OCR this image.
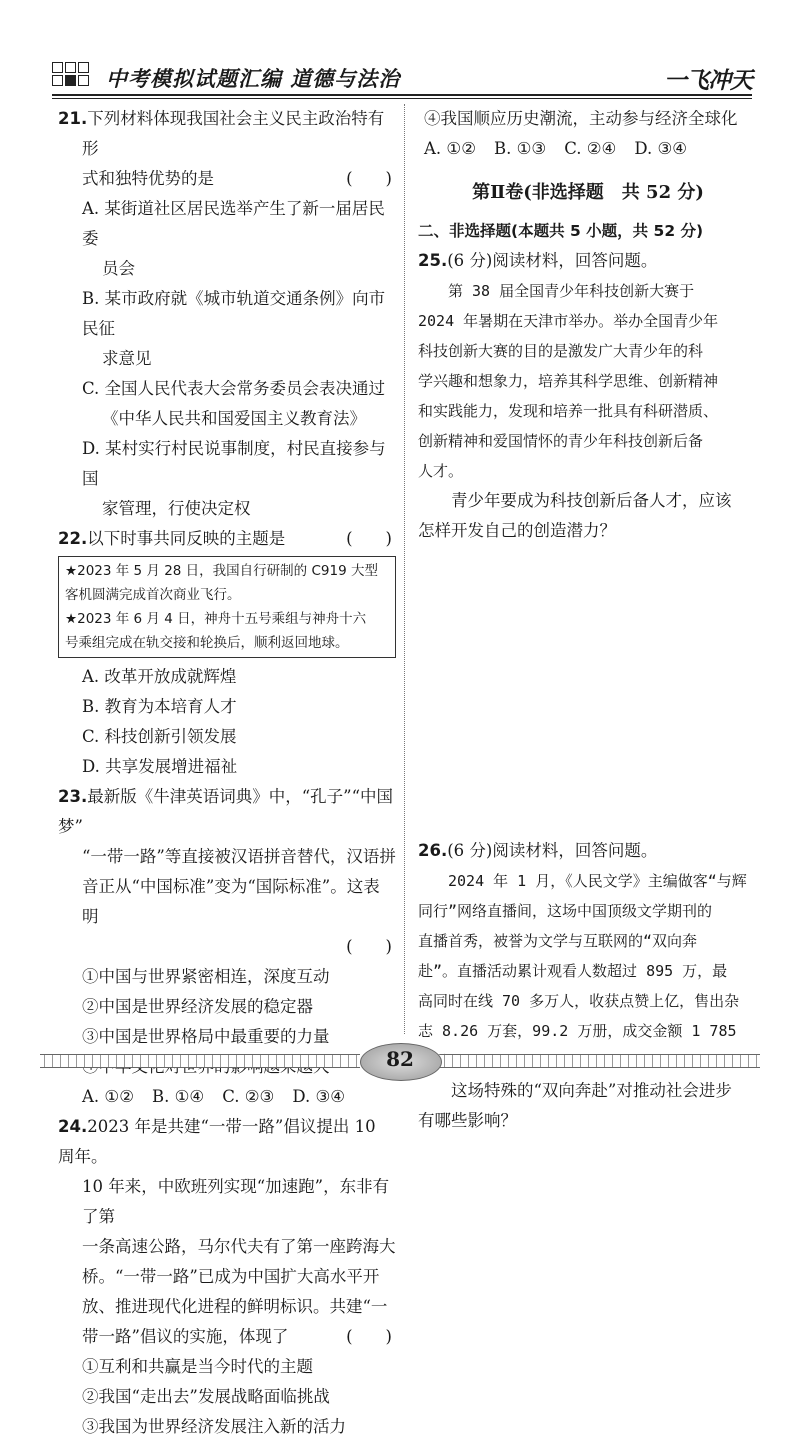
中考模拟试题汇编 道德与法治	一飞冲天
21.下列材料体现我国社会主义民主政治特有形
式和独特优势的是	(　　)
A. 某街道社区居民选举产生了新一届居民委
员会
B. 某市政府就《城市轨道交通条例》向市民征
求意见
C. 全国人民代表大会常务委员会表决通过
《中华人民共和国爱国主义教育法》
D. 某村实行村民说事制度，村民直接参与国
家管理，行使决定权
22.以下时事共同反映的主题是	(　　)
★2023 年 5 月 28 日，我国自行研制的 C919 大型
客机圆满完成首次商业飞行。
★2023 年 6 月 4 日，神舟十五号乘组与神舟十六
号乘组完成在轨交接和轮换后，顺利返回地球。
A. 改革开放成就辉煌
B. 教育为本培育人才
C. 科技创新引领发展
D. 共享发展增进福祉
23.最新版《牛津英语词典》中，“孔子”“中国梦”
“一带一路”等直接被汉语拼音替代，汉语拼
音正从“中国标准”变为“国际标准”。这表明
(　　)
①中国与世界紧密相连，深度互动
②中国是世界经济发展的稳定器
③中国是世界格局中最重要的力量
A. ①② B. ①④ C. ②③ D. ③④
24.2023 年是共建“一带一路”倡议提出 10 周年。
10 年来，中欧班列实现“加速跑”，东非有了第
一条高速公路，马尔代夫有了第一座跨海大
桥。“一带一路”已成为中国扩大高水平开
放、推进现代化进程的鲜明标识。共建“一
带一路”倡议的实施，体现了	(　　)
①互利和共赢是当今时代的主题
②我国“走出去”发展战略面临挑战
③我国为世界经济发展注入新的活力
④我国顺应历史潮流，主动参与经济全球化
A. ①② B. ①③ C. ②④ D. ③④
第Ⅱ卷(非选择题　共 52 分)
二、非选择题(本题共 5 小题，共 52 分)
25.(6 分)阅读材料，回答问题。
第 38 届全国青少年科技创新大赛于
2024 年暑期在天津市举办。举办全国青少年
科技创新大赛的目的是激发广大青少年的科
学兴趣和想象力，培养其科学思维、创新精神
和实践能力，发现和培养一批具有科研潜质、
创新精神和爱国情怀的青少年科技创新后备
人才。
青少年要成为科技创新后备人才，应该
怎样开发自己的创造潜力？
26.(6 分)阅读材料，回答问题。
2024 年 1 月，《人民文学》主编做客“与辉
同行”网络直播间，这场中国顶级文学期刊的
直播首秀，被誉为文学与互联网的“双向奔
赴”。直播活动累计观看人数超过 895 万，最
高同时在线 70 多万人，收获点赞上亿，售出杂
志 8.26 万套，99.2 万册，成交金额 1 785
这场特殊的“双向奔赴”对推动社会进步
有哪些影响？
82
